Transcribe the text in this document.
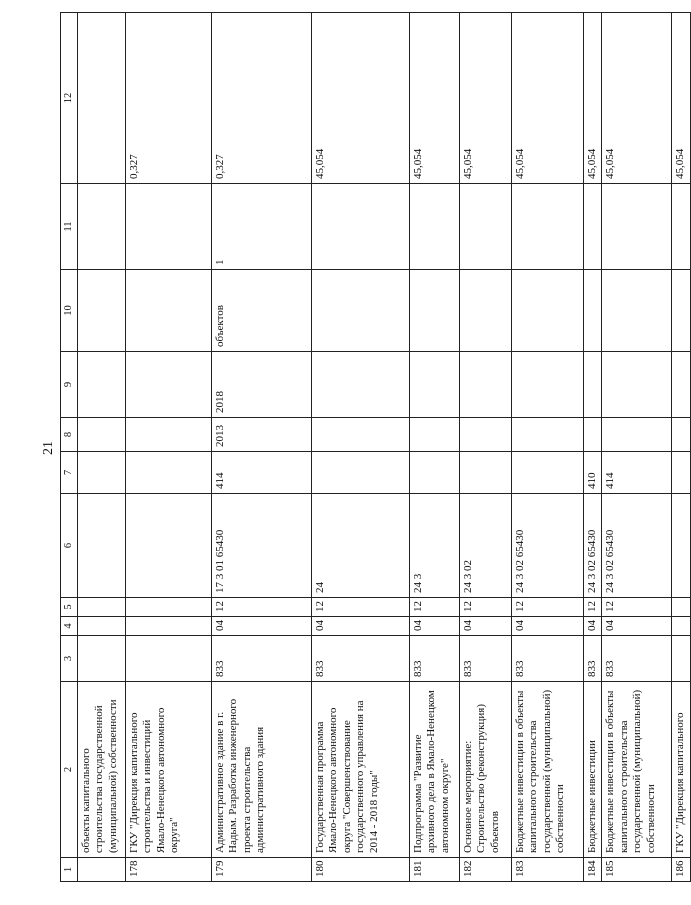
21
1	2	3	4	5	6	7	8	9	10	11	12
	объекты капитального строительства государственной (муниципальной) собственности										
178	ГКУ "Дирекция капитального строительства и инвестиций Ямало-Ненецкого автономного округа"										0,327
179	Административное здание в г. Надым. Разработка инженерного проекта строительства административного здания	833	04	12	17 3 01 65430	414	2013	2018	объектов	1	0,327
180	Государственная программа Ямало-Ненецкого автономного округа "Совершенствование государственного управления на 2014 - 2018 годы"	833	04	12	24						45,054
181	Подпрограмма "Развитие архивного дела в Ямало-Ненецком автономном округе"	833	04	12	24 3						45,054
182	Основное мероприятие: Строительство (реконструкция) объектов	833	04	12	24 3 02						45,054
183	Бюджетные инвестиции в объекты капитального строительства государственной (муниципальной) собственности	833	04	12	24 3 02 65430						45,054
184	Бюджетные инвестиции	833	04	12	24 3 02 65430	410					45,054
185	Бюджетные инвестиции в объекты капитального строительства государственной (муниципальной) собственности	833	04	12	24 3 02 65430	414					45,054
186	ГКУ "Дирекция капитального										45,054
